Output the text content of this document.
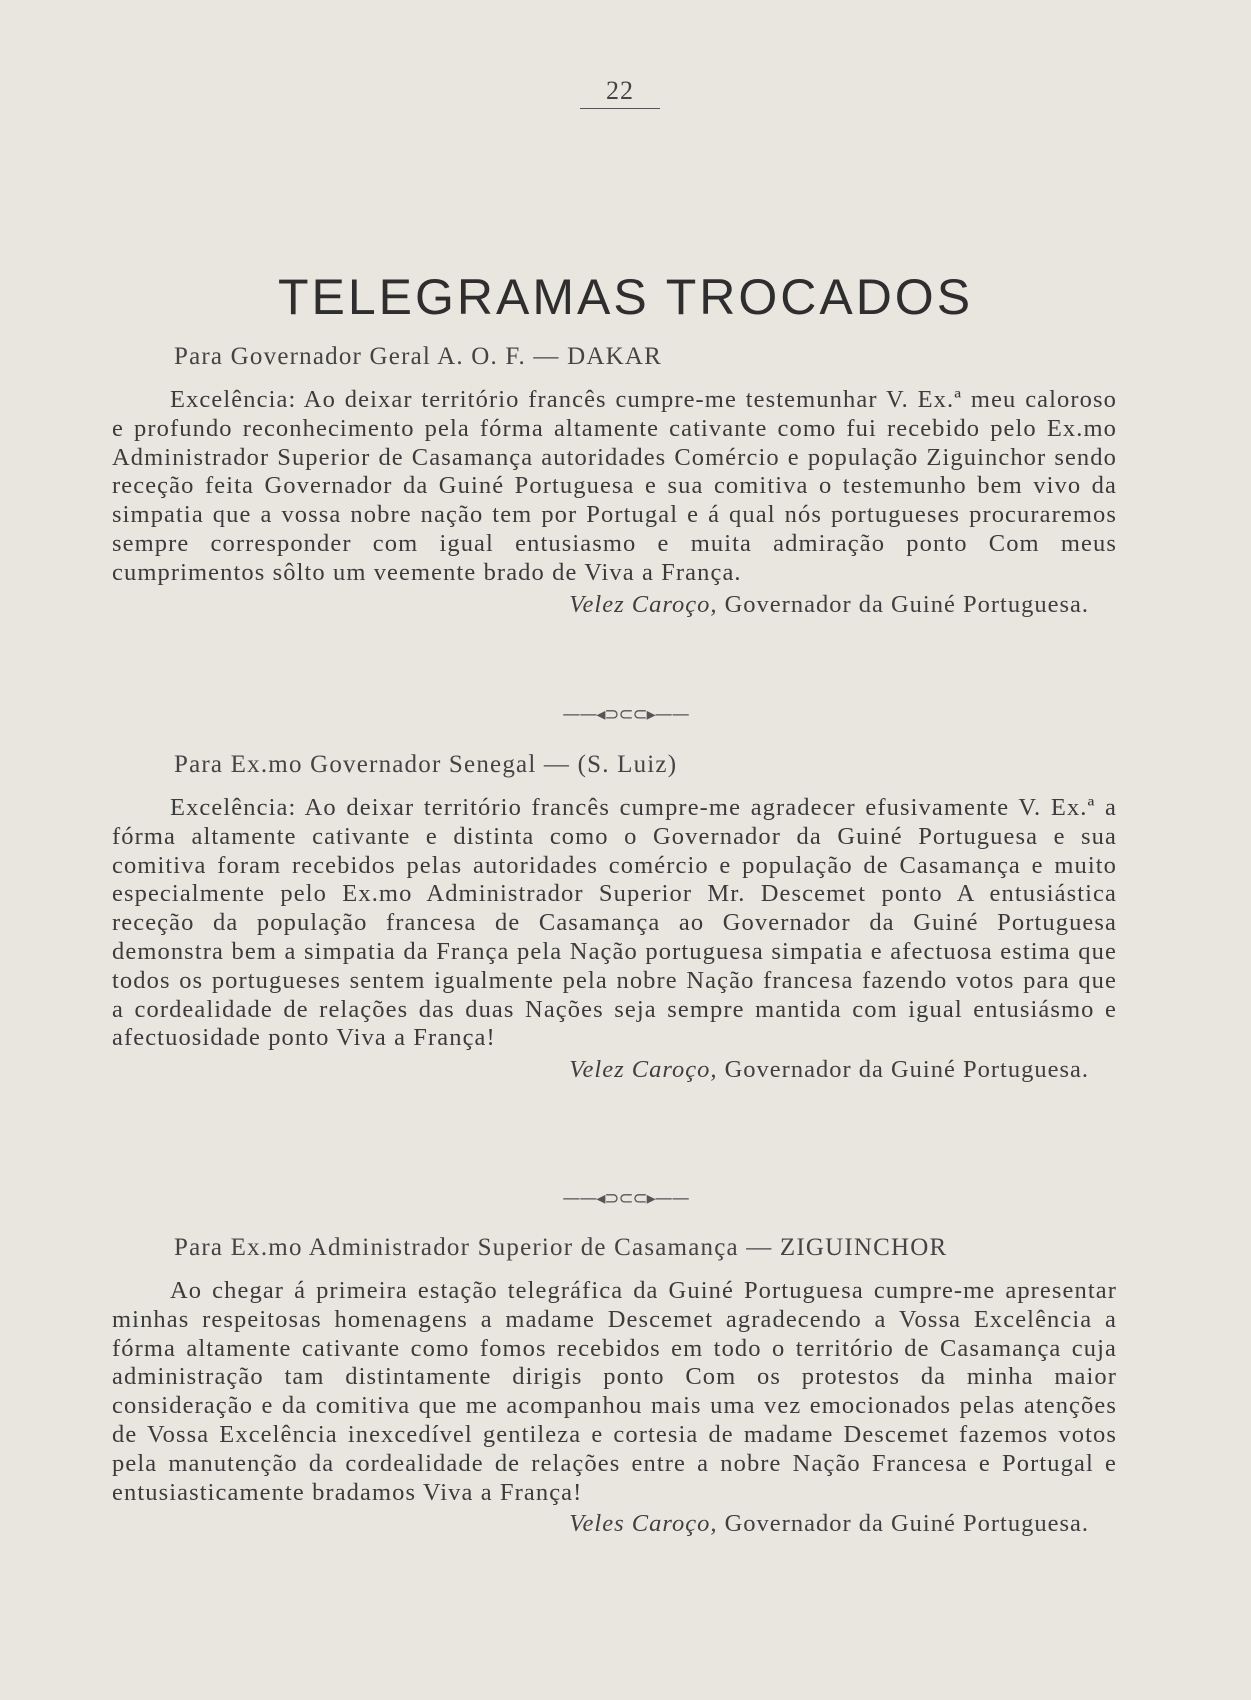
22
TELEGRAMAS TROCADOS

Para Governador Geral A. O. F. — DAKAR

Excelência: Ao deixar território francês cumpre-me testemunhar V. Ex.ª meu caloroso e profundo reconhecimento pela fórma altamente cativante como fui recebido pelo Ex.mo Administrador Superior de Casamança autoridades Comércio e população Ziguinchor sendo receção feita Governador da Guiné Portuguesa e sua comitiva o testemunho bem vivo da simpatia que a vossa nobre nação tem por Portugal e á qual nós portugueses procuraremos sempre corresponder com igual entusiasmo e muita admiração ponto Com meus cumprimentos sôlto um veemente brado de Viva a França.

Velez Caroço, Governador da Guiné Portuguesa.

——◂⊃⊂⊂▸——

Para Ex.mo Governador Senegal — (S. Luiz)

Excelência: Ao deixar território francês cumpre-me agradecer efusivamente V. Ex.ª a fórma altamente cativante e distinta como o Governador da Guiné Portuguesa e sua comitiva foram recebidos pelas autoridades comércio e população de Casamança e muito especialmente pelo Ex.mo Administrador Superior Mr. Descemet ponto A entusiástica receção da população francesa de Casamança ao Governador da Guiné Portuguesa demonstra bem a simpatia da França pela Nação portuguesa simpatia e afectuosa estima que todos os portugueses sentem igualmente pela nobre Nação francesa fazendo votos para que a cordealidade de relações das duas Nações seja sempre mantida com igual entusiásmo e afectuosidade ponto Viva a França!

Velez Caroço, Governador da Guiné Portuguesa.

——◂⊃⊂⊂▸——

Para Ex.mo Administrador Superior de Casamança — ZIGUINCHOR

Ao chegar á primeira estação telegráfica da Guiné Portuguesa cumpre-me apresentar minhas respeitosas homenagens a madame Descemet agradecendo a Vossa Excelência a fórma altamente cativante como fomos recebidos em todo o território de Casamança cuja administração tam distintamente dirigis ponto Com os protestos da minha maior consideração e da comitiva que me acompanhou mais uma vez emocionados pelas atenções de Vossa Excelência inexcedível gentileza e cortesia de madame Descemet fazemos votos pela manutenção da cordealidade de relações entre a nobre Nação Francesa e Portugal e entusiasticamente bradamos Viva a França!

Veles Caroço, Governador da Guiné Portuguesa.
